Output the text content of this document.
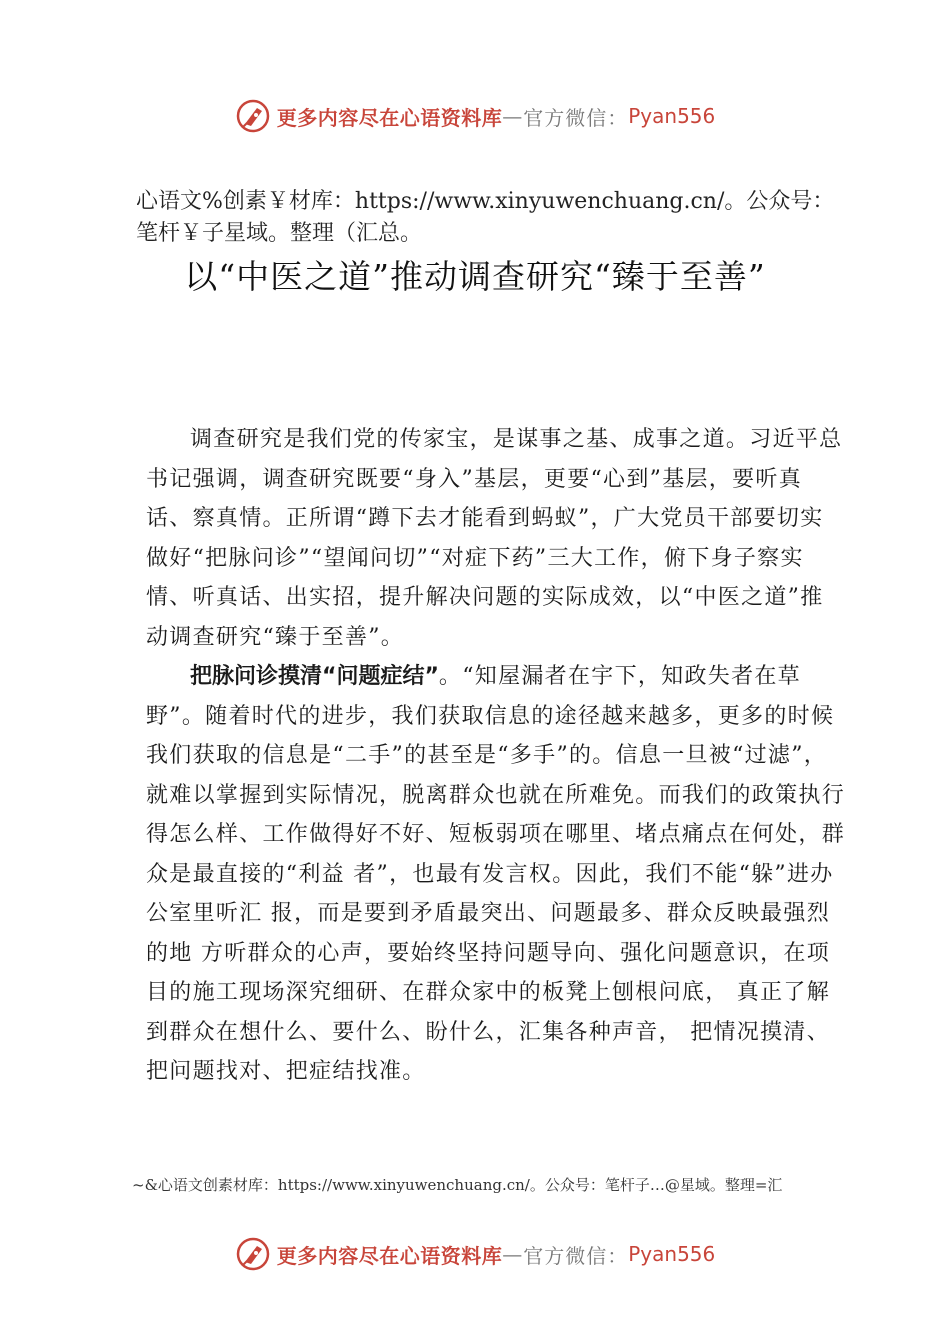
更多内容尽在心语资料库 — 官方微信： Pyan556
心语文%创素￥材库：https://www.xinyuwenchuang.cn/。公众号：笔杆￥子星域。整理（汇总。
以“中医之道”推动调查研究“臻于至善”

调查研究是我们党的传家宝，是谋事之基、成事之道。习近平总书记强调，调查研究既要“身入”基层，更要“心到”基层，要听真话、察真情。正所谓“蹲下去才能看到蚂蚁”，广大党员干部要切实做好“把脉问诊”“望闻问切”“对症下药”三大工作，俯下身子察实情、听真话、出实招，提升解决问题的实际成效，以“中医之道”推动调查研究“臻于至善”。

把脉问诊摸清“问题症结”。“知屋漏者在宇下，知政失者在草野”。随着时代的进步，我们获取信息的途径越来越多，更多的时候我们获取的信息是“二手”的甚至是“多手”的。信息一旦被“过滤”，就难以掌握到实际情况，脱离群众也就在所难免。而我们的政策执行得怎么样、工作做得好不好、短板弱项在哪里、堵点痛点在何处，群众是最直接的“利益 者”，也最有发言权。因此，我们不能“躲”进办公室里听汇 报，而是要到矛盾最突出、问题最多、群众反映最强烈的地 方听群众的心声，要始终坚持问题导向、强化问题意识，在项目的施工现场深究细研、在群众家中的板凳上刨根问底， 真正了解到群众在想什么、要什么、盼什么，汇集各种声音， 把情况摸清、把问题找对、把症结找准。

~&心语文创素材库：https://www.xinyuwenchuang.cn/。公众号：笔杆子…@星域。整理=汇
更多内容尽在心语资料库 — 官方微信： Pyan556
